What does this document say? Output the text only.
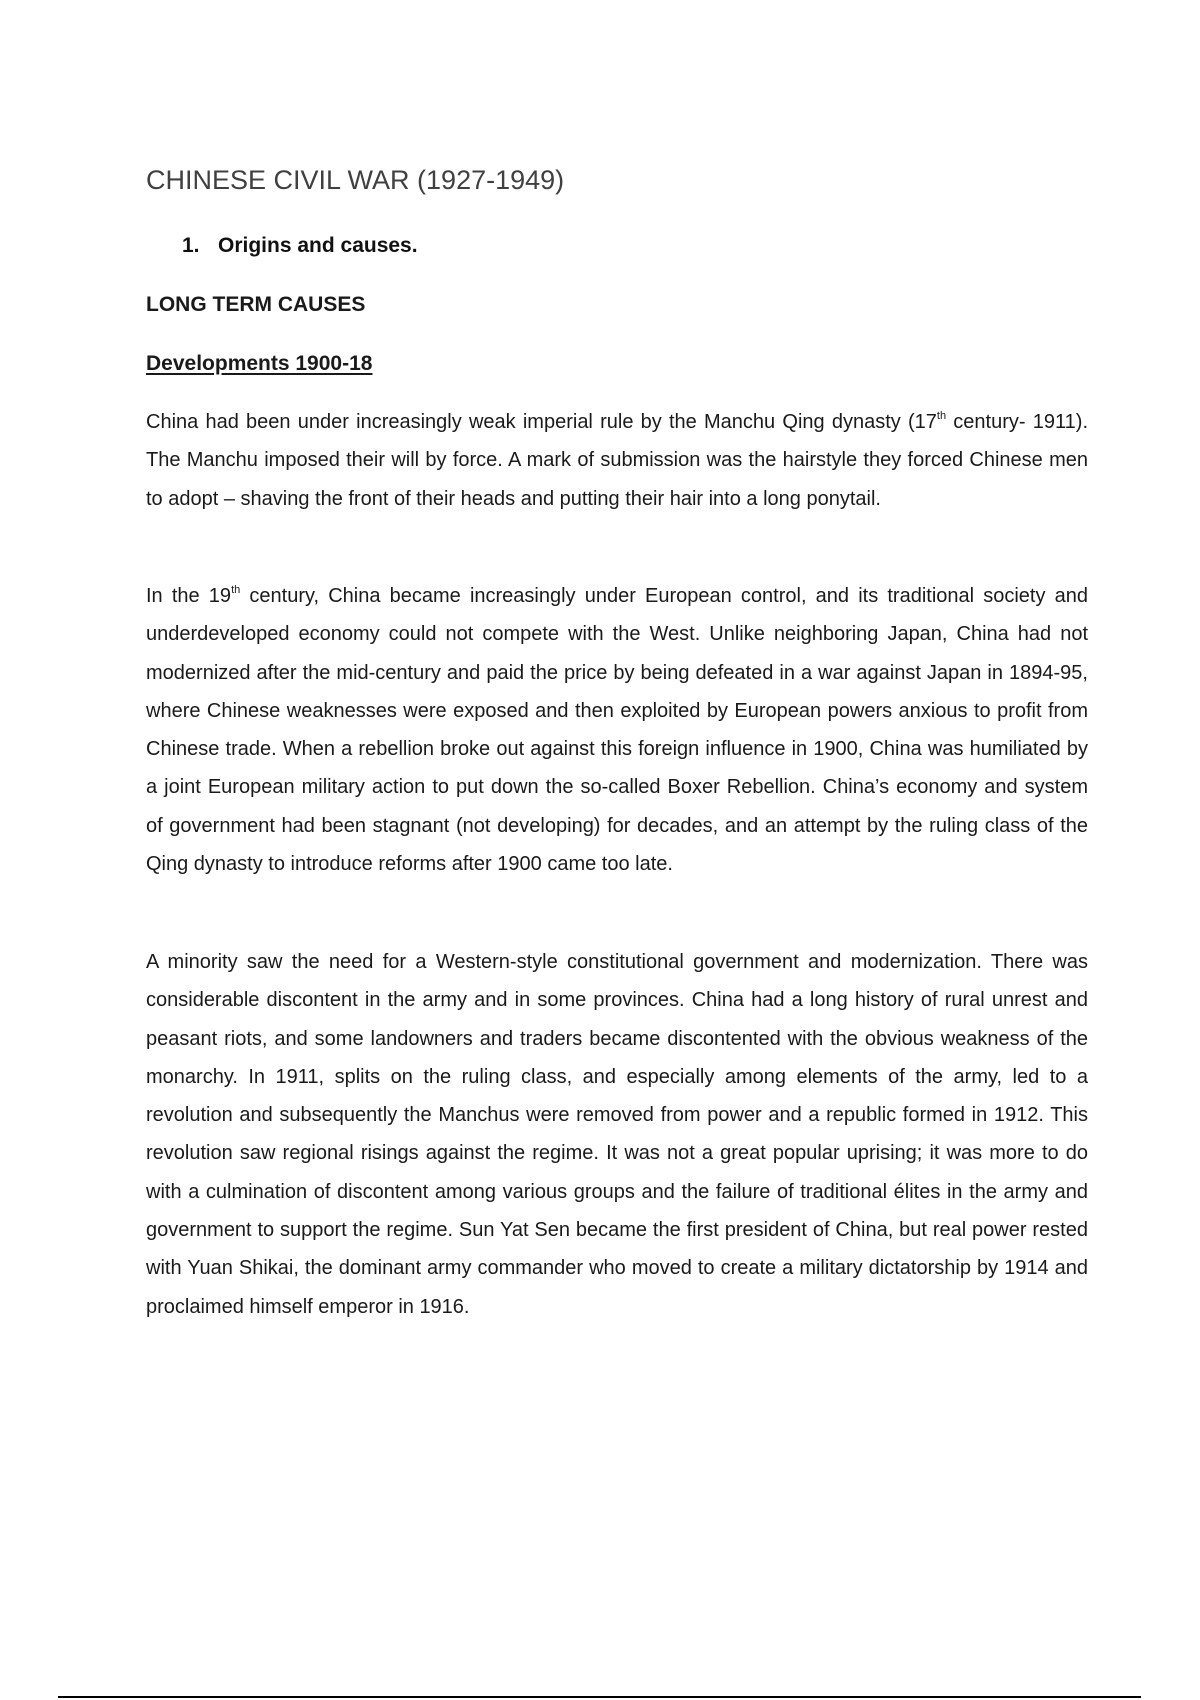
CHINESE CIVIL WAR (1927-1949)
1. Origins and causes.
LONG TERM CAUSES
Developments 1900-18

China had been under increasingly weak imperial rule by the Manchu Qing dynasty (17th century- 1911). The Manchu imposed their will by force. A mark of submission was the hairstyle they forced Chinese men to adopt – shaving the front of their heads and putting their hair into a long ponytail.

In the 19th century, China became increasingly under European control, and its traditional society and underdeveloped economy could not compete with the West. Unlike neighboring Japan, China had not modernized after the mid-century and paid the price by being defeated in a war against Japan in 1894-95, where Chinese weaknesses were exposed and then exploited by European powers anxious to profit from Chinese trade. When a rebellion broke out against this foreign influence in 1900, China was humiliated by a joint European military action to put down the so-called Boxer Rebellion. China’s economy and system of government had been stagnant (not developing) for decades, and an attempt by the ruling class of the Qing dynasty to introduce reforms after 1900 came too late.

A minority saw the need for a Western-style constitutional government and modernization. There was considerable discontent in the army and in some provinces. China had a long history of rural unrest and peasant riots, and some landowners and traders became discontented with the obvious weakness of the monarchy. In 1911, splits on the ruling class, and especially among elements of the army, led to a revolution and subsequently the Manchus were removed from power and a republic formed in 1912. This revolution saw regional risings against the regime. It was not a great popular uprising; it was more to do with a culmination of discontent among various groups and the failure of traditional élites in the army and government to support the regime. Sun Yat Sen became the first president of China, but real power rested with Yuan Shikai, the dominant army commander who moved to create a military dictatorship by 1914 and proclaimed himself emperor in 1916.
